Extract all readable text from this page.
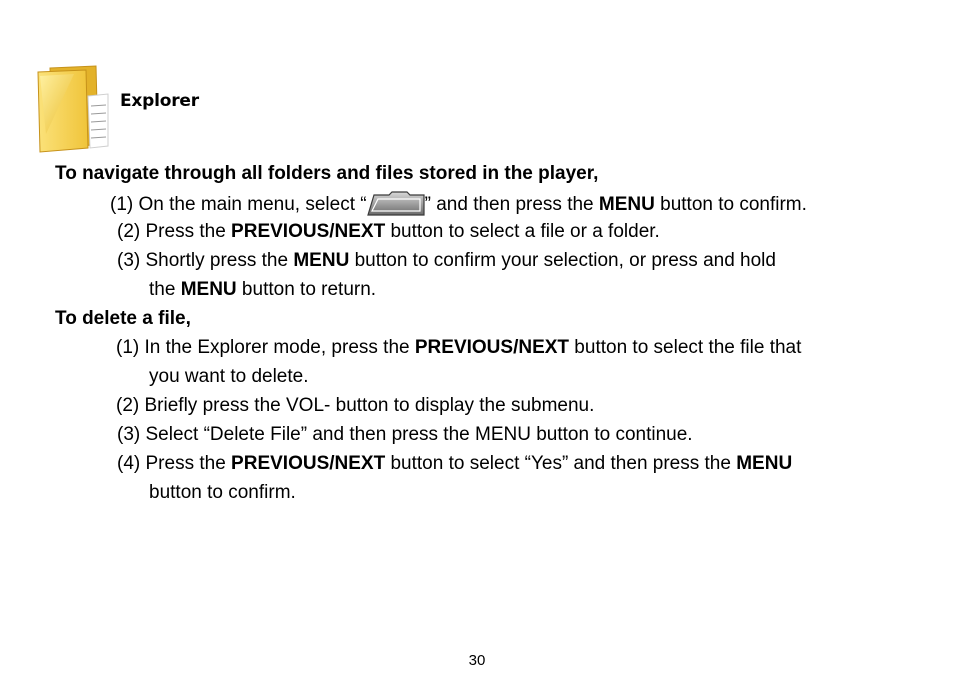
Explorer
To navigate through all folders and files stored in the player,
(1) On the main menu, select “	” and then press the MENU button to confirm.
(2) Press the PREVIOUS/NEXT button to select a file or a folder.
(3) Shortly press the MENU button to confirm your selection, or press and hold
the MENU button to return.
To delete a file,
(1) In the Explorer mode, press the PREVIOUS/NEXT button to select the file that
you want to delete.
(2) Briefly press the VOL- button to display the submenu.
(3) Select “Delete File” and then press the MENU button to continue.
(4) Press the PREVIOUS/NEXT button to select “Yes” and then press the MENU
button to confirm.
30
